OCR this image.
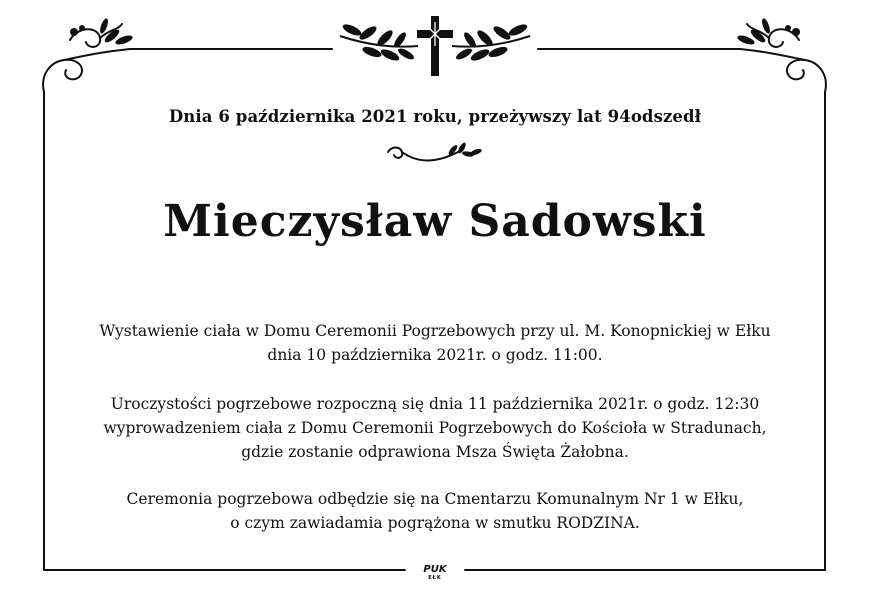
Dnia 6 października 2021 roku, przeżywszy lat 94odszedł
Mieczysław Sadowski
Wystawienie ciała w Domu Ceremonii Pogrzebowych przy ul. M. Konopnickiej w Ełku
dnia 10 października 2021r. o godz. 11:00.
Uroczystości pogrzebowe rozpoczną się dnia 11 października 2021r. o godz. 12:30
wyprowadzeniem ciała z Domu Ceremonii Pogrzebowych do Kościoła w Stradunach,
gdzie zostanie odprawiona Msza Święta Żałobna.
Ceremonia pogrzebowa odbędzie się na Cmentarzu Komunalnym Nr 1 w Ełku,
o czym zawiadamia pogrążona w smutku RODZINA.
PUK
EŁK
